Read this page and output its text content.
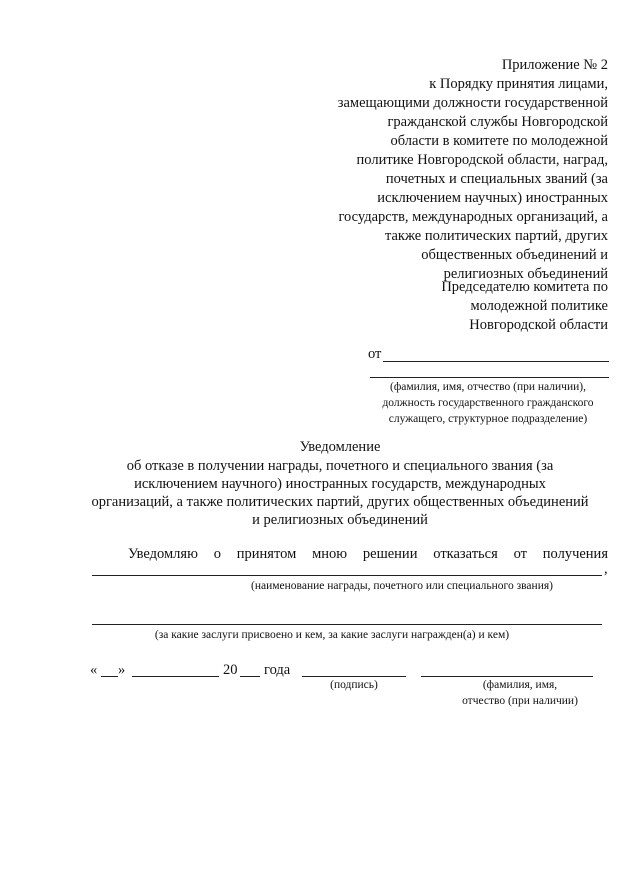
Приложение № 2
к Порядку принятия лицами,
замещающими должности государственной
гражданской службы Новгородской
области в комитете по молодежной
политике Новгородской области, наград,
почетных и специальных званий (за
исключением научных) иностранных
государств, международных организаций, а
также политических партий, других
общественных объединений и
религиозных объединений
Председателю комитета по
молодежной политике
Новгородской области
от
(фамилия, имя, отчество (при наличии),
должность государственного гражданского
служащего, структурное подразделение)
Уведомление
об отказе в получении награды, почетного и специального звания (за
исключением научного) иностранных государств, международных
организаций, а также политических партий, других общественных объединений
и религиозных объединений
Уведомляю о принятом мною решении отказаться от получения
,
(наименование награды, почетного или специального звания)
(за какие заслуги присвоено и кем, за какие заслуги награжден(а) и кем)
« »	20 года
(подпись)	(фамилия, имя,
отчество (при наличии)
